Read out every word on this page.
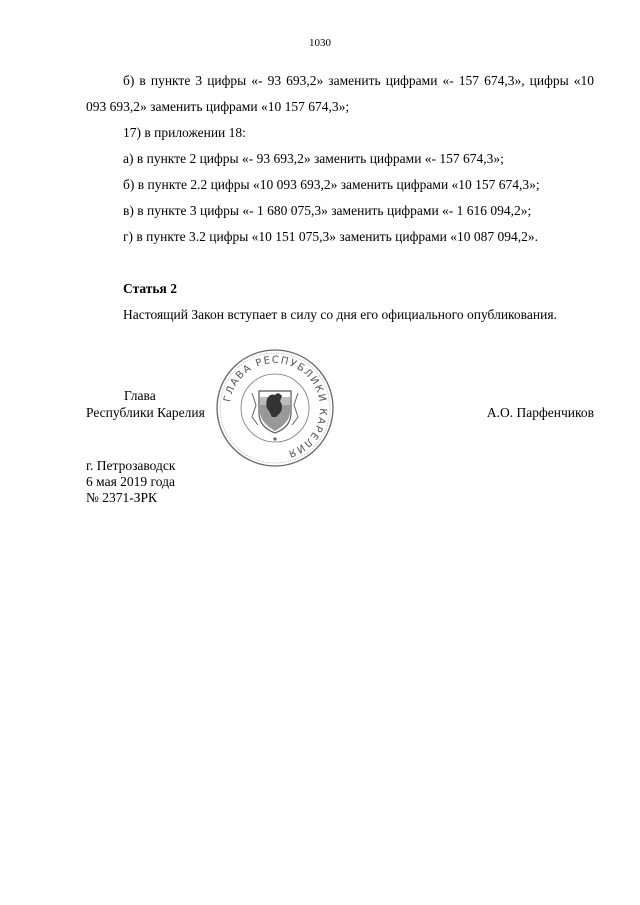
1030

б) в пункте 3 цифры «- 93 693,2» заменить цифрами «- 157 674,3», цифры «10 093 693,2» заменить цифрами «10 157 674,3»;

17) в приложении 18:

а) в пункте 2 цифры «- 93 693,2» заменить цифрами «- 157 674,3»;

б) в пункте 2.2 цифры «10 093 693,2» заменить цифрами «10 157 674,3»;

в) в пункте 3 цифры «- 1 680 075,3» заменить цифрами «- 1 616 094,2»;

г) в пункте 3.2 цифры «10 151 075,3» заменить цифрами «10 087 094,2».

Статья 2

Настоящий Закон вступает в силу со дня его официального опубликования.

ГЛАВА РЕСПУБЛИКИ КАРЕЛИЯ
Глава
Республики Карелия	А.О. Парфенчиков
г. Петрозаводск
6 мая 2019 года
№ 2371-ЗРК
